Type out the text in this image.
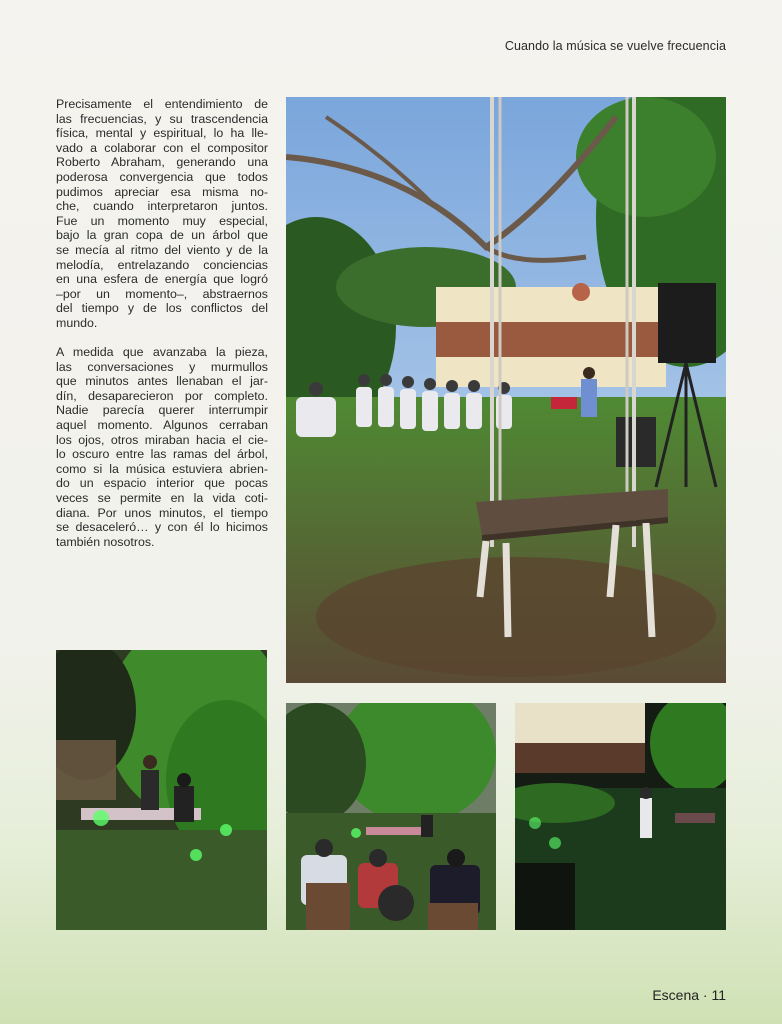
Cuando la música se vuelve frecuencia

Precisamente el entendimiento de
las frecuencias, y su trascendencia
física, mental y espiritual, lo ha lle-
vado a colaborar con el compositor
Roberto Abraham, generando una
poderosa convergencia que todos
pudimos apreciar esa misma no-
che, cuando interpretaron juntos.
Fue un momento muy especial,
bajo la gran copa de un árbol que
se mecía al ritmo del viento y de la
melodía, entrelazando conciencias
en una esfera de energía que logró
–por un momento–, abstraernos
del tiempo y de los conflictos del
mundo.

A medida que avanzaba la pieza,
las conversaciones y murmullos
que minutos antes llenaban el jar-
dín, desaparecieron por completo.
Nadie parecía querer interrumpir
aquel momento. Algunos cerraban
los ojos, otros miraban hacia el cie-
lo oscuro entre las ramas del árbol,
como si la música estuviera abrien-
do un espacio interior que pocas
veces se permite en la vida coti-
diana. Por unos minutos, el tiempo
se desaceleró… y con él lo hicimos
también nosotros.

Escena · 11
